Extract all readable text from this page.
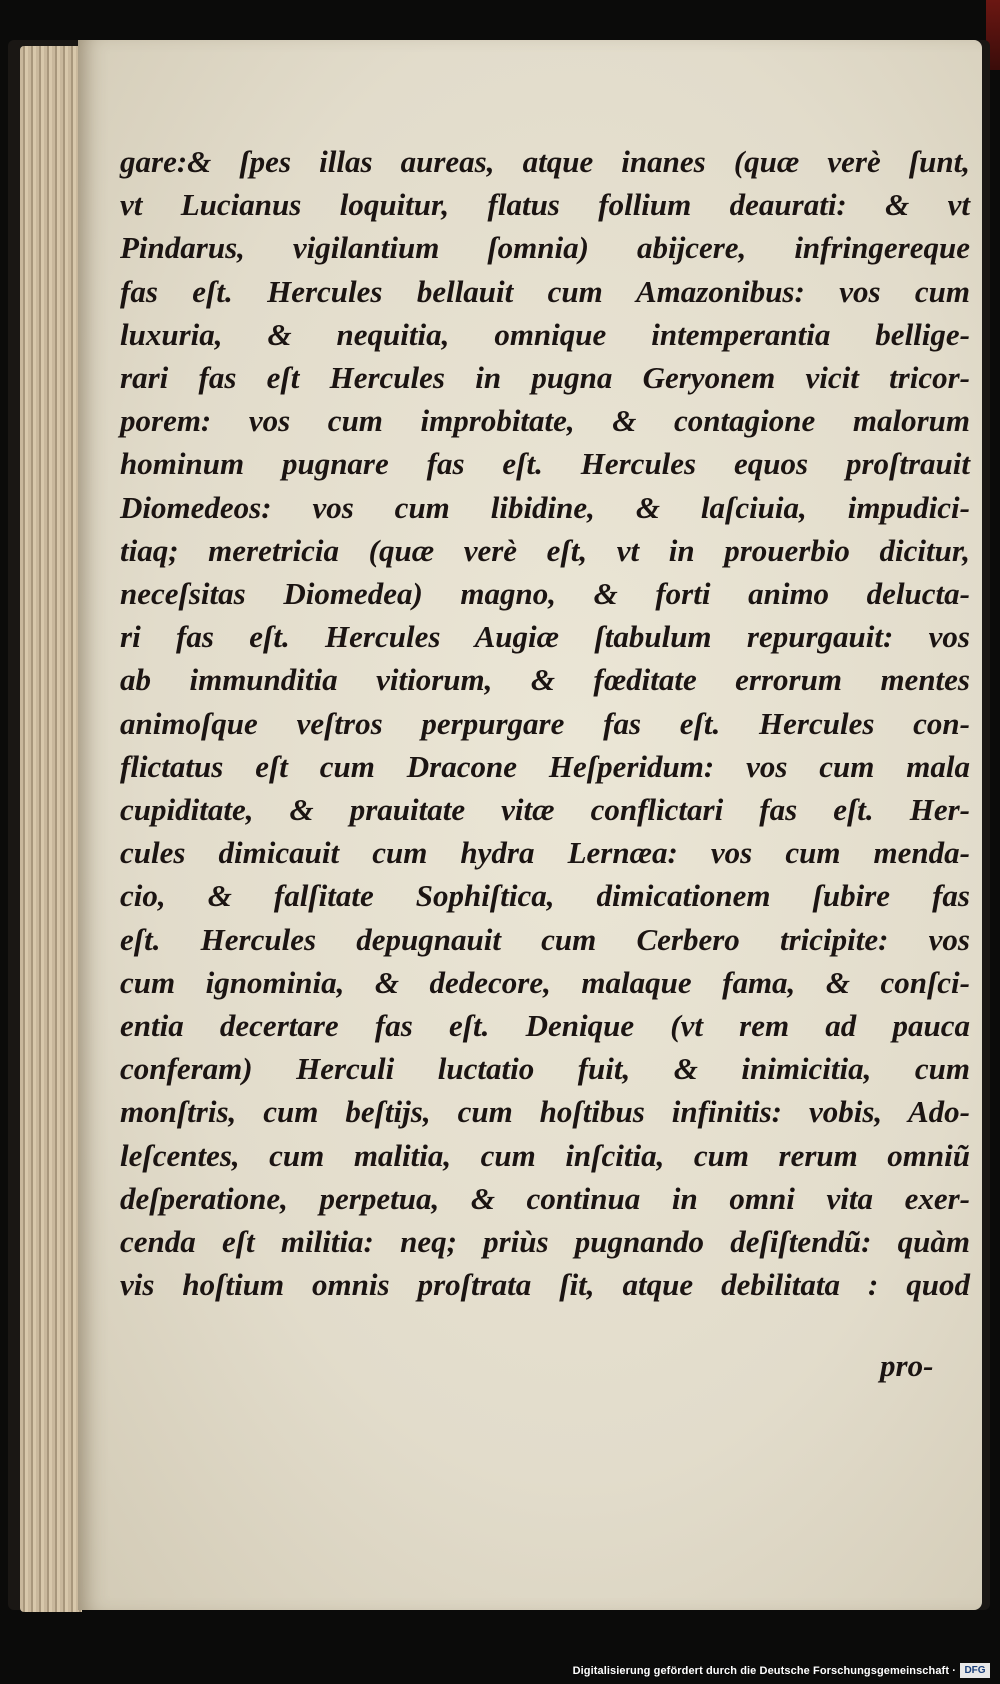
gare:& ſpes illas aureas, atque inanes (quæ verè ſunt,
vt Lucianus loquitur, flatus follium deaurati: & vt
Pindarus, vigilantium ſomnia) abijcere, infringereque
fas eſt. Hercules bellauit cum Amazonibus: vos cum
luxuria, & nequitia, omnique intemperantia bellige-
rari fas eſt Hercules in pugna Geryonem vicit tricor-
porem: vos cum improbitate, & contagione malorum
hominum pugnare fas eſt. Hercules equos proſtrauit
Diomedeos: vos cum libidine, & laſciuia, impudici-
tiaq; meretricia (quæ verè eſt, vt in prouerbio dicitur,
neceſsitas Diomedea) magno, & forti animo delucta-
ri fas eſt. Hercules Augiæ ſtabulum repurgauit: vos
ab immunditia vitiorum, & fœditate errorum mentes
animoſque veſtros perpurgare fas eſt. Hercules con-
flictatus eſt cum Dracone Heſperidum: vos cum mala
cupiditate, & prauitate vitæ conflictari fas eſt. Her-
cules dimicauit cum hydra Lernæa: vos cum menda-
cio, & falſitate Sophiſtica, dimicationem ſubire fas
eſt. Hercules depugnauit cum Cerbero tricipite: vos
cum ignominia, & dedecore, malaque fama, & conſci-
entia decertare fas eſt. Denique (vt rem ad pauca
conferam) Herculi luctatio fuit, & inimicitia, cum
monſtris, cum beſtijs, cum hoſtibus infinitis: vobis, Ado-
leſcentes, cum malitia, cum inſcitia, cum rerum omniũ
deſperatione, perpetua, & continua in omni vita exer-
cenda eſt militia: neq; priùs pugnando deſiſtendũ: quàm
vis hoſtium omnis proſtrata ſit, atque debilitata : quod
pro-
Digitalisierung gefördert durch die Deutsche Forschungsgemeinschaft · DFG
